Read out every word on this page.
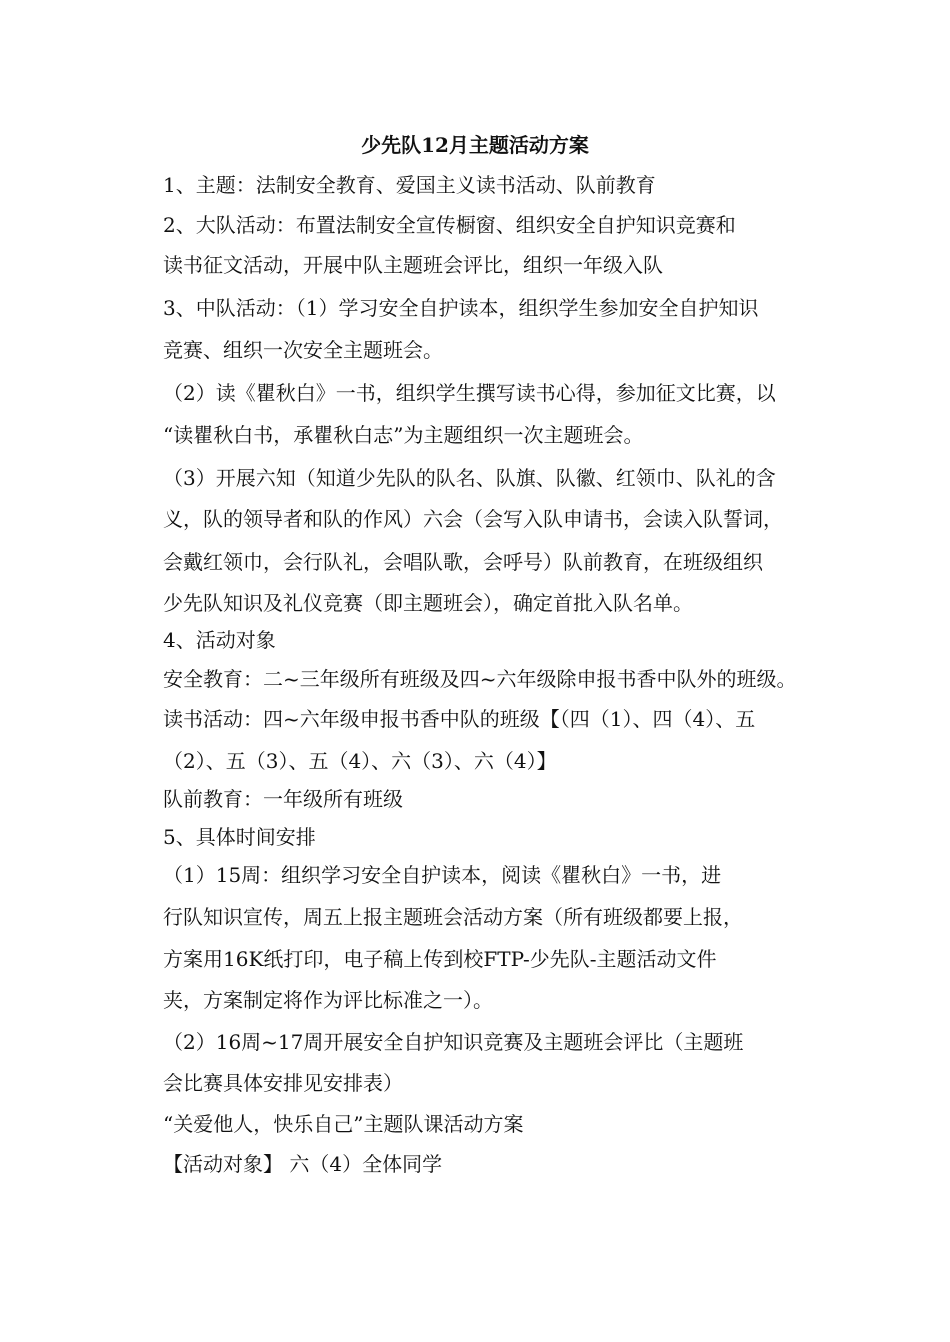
少先队12月主题活动方案
1、主题：法制安全教育、爱国主义读书活动、队前教育
2、大队活动：布置法制安全宣传橱窗、组织安全自护知识竞赛和
读书征文活动，开展中队主题班会评比，组织一年级入队
3、中队活动：（1）学习安全自护读本，组织学生参加安全自护知识
竞赛、组织一次安全主题班会。
（2）读《瞿秋白》一书，组织学生撰写读书心得，参加征文比赛，以
“读瞿秋白书，承瞿秋白志”为主题组织一次主题班会。
（3）开展六知（知道少先队的队名、队旗、队徽、红领巾、队礼的含
义，队的领导者和队的作风）六会（会写入队申请书，会读入队誓词，
会戴红领巾，会行队礼，会唱队歌，会呼号）队前教育，在班级组织
少先队知识及礼仪竞赛（即主题班会），确定首批入队名单。
4、活动对象
安全教育：二~三年级所有班级及四~六年级除申报书香中队外的班级。
读书活动：四~六年级申报书香中队的班级【（四（1）、四（4）、五
（2）、五（3）、五（4）、六（3）、六（4）】
队前教育：一年级所有班级
5、具体时间安排
（1）15周：组织学习安全自护读本，阅读《瞿秋白》一书，进
行队知识宣传，周五上报主题班会活动方案（所有班级都要上报，
方案用16K纸打印，电子稿上传到校FTP-少先队-主题活动文件
夹，方案制定将作为评比标准之一）。
（2）16周~17周开展安全自护知识竞赛及主题班会评比（主题班
会比赛具体安排见安排表）
“关爱他人，快乐自己”主题队课活动方案
【活动对象】 六（4）全体同学
